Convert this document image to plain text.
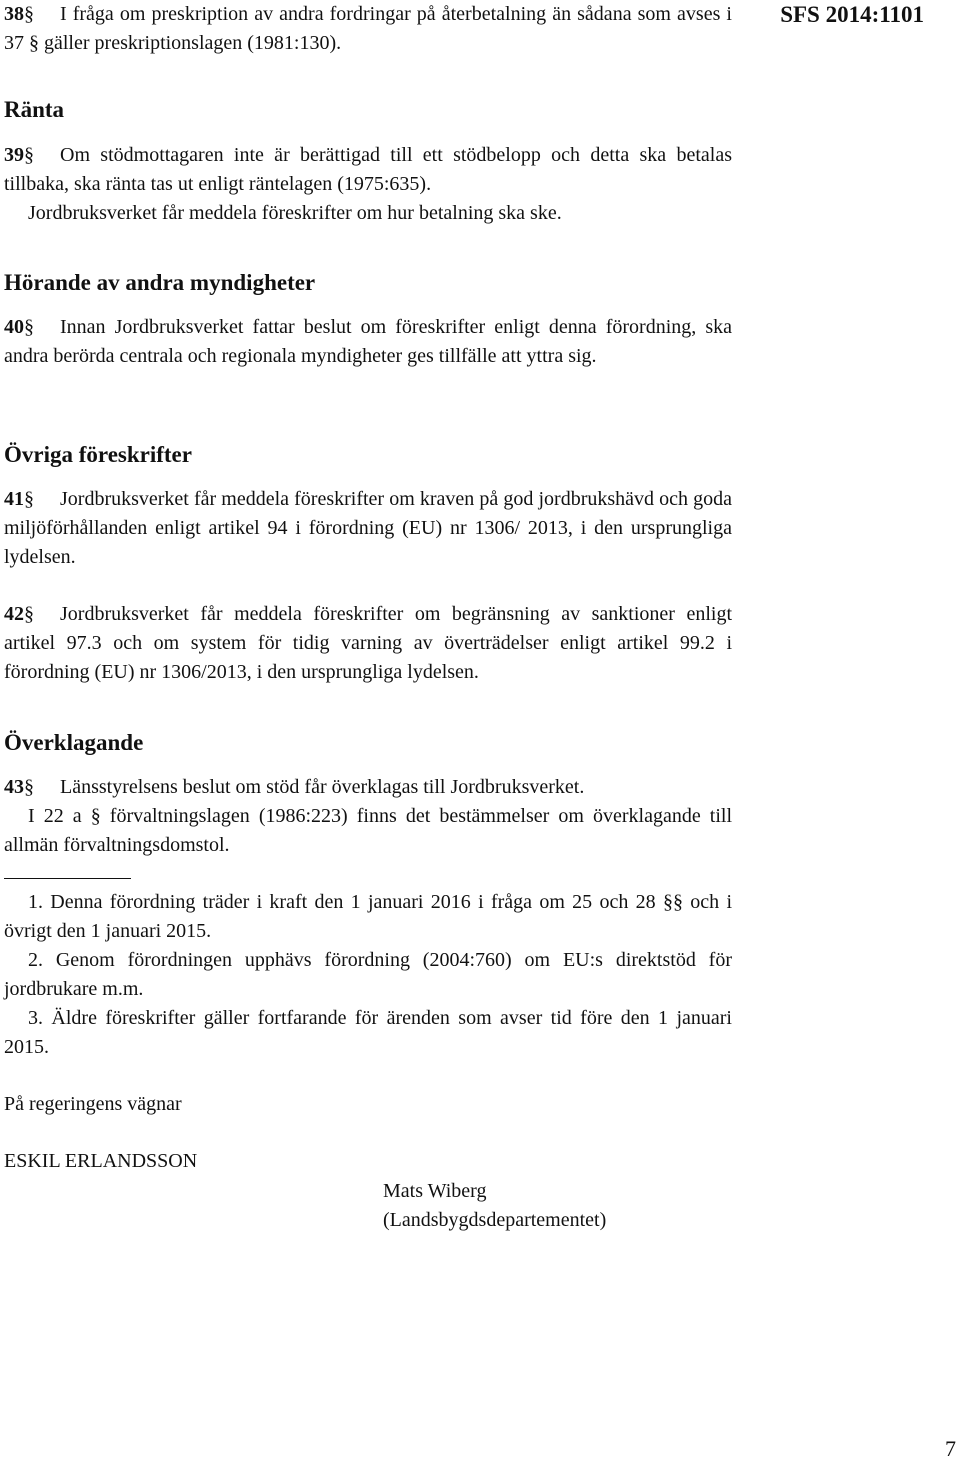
SFS 2014:1101

38§ I fråga om preskription av andra fordringar på återbetalning än sådana som avses i 37 § gäller preskriptionslagen (1981:130).

Ränta

39§ Om stödmottagaren inte är berättigad till ett stödbelopp och detta ska betalas tillbaka, ska ränta tas ut enligt räntelagen (1975:635).

Jordbruksverket får meddela föreskrifter om hur betalning ska ske.

Hörande av andra myndigheter

40§ Innan Jordbruksverket fattar beslut om föreskrifter enligt denna förordning, ska andra berörda centrala och regionala myndigheter ges tillfälle att yttra sig.

Övriga föreskrifter

41§ Jordbruksverket får meddela föreskrifter om kraven på god jordbrukshävd och goda miljöförhållanden enligt artikel 94 i förordning (EU) nr 1306/ 2013, i den ursprungliga lydelsen.

42§ Jordbruksverket får meddela föreskrifter om begränsning av sanktioner enligt artikel 97.3 och om system för tidig varning av överträdelser enligt artikel 99.2 i förordning (EU) nr 1306/2013, i den ursprungliga lydelsen.

Överklagande

43§ Länsstyrelsens beslut om stöd får överklagas till Jordbruksverket.

I 22 a § förvaltningslagen (1986:223) finns det bestämmelser om överklagande till allmän förvaltningsdomstol.

1. Denna förordning träder i kraft den 1 januari 2016 i fråga om 25 och 28 §§ och i övrigt den 1 januari 2015.

2. Genom förordningen upphävs förordning (2004:760) om EU:s direktstöd för jordbrukare m.m.

3. Äldre föreskrifter gäller fortfarande för ärenden som avser tid före den 1 januari 2015.

På regeringens vägnar

ESKIL ERLANDSSON

Mats Wiberg

(Landsbygdsdepartementet)

7
